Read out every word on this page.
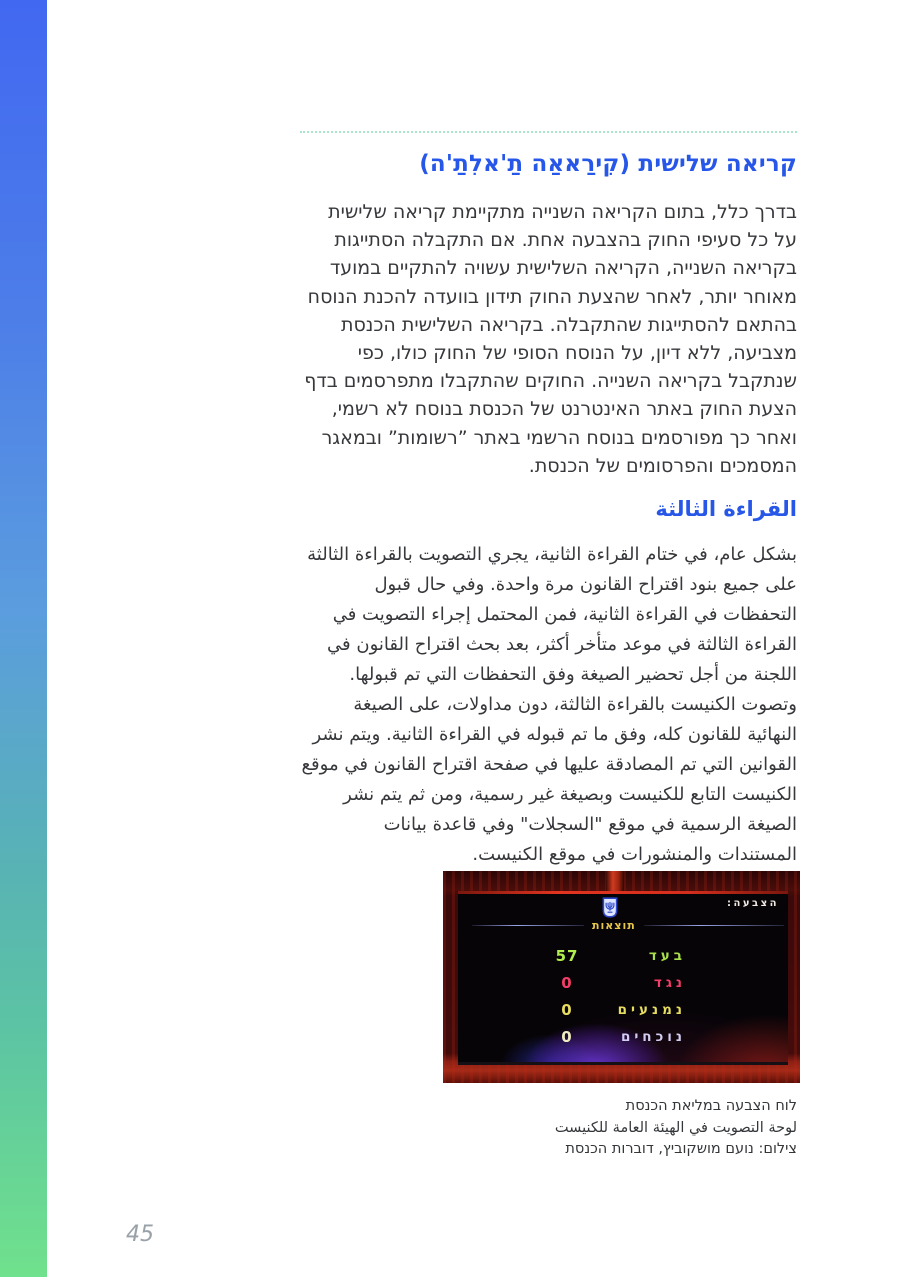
קריאה שלישית (קִירַאאַה תַ'אלִתַ'ה)

בדרך כלל, בתום הקריאה השנייה מתקיימת קריאה שלישית על כל סעיפי החוק בהצבעה אחת. אם התקבלה הסתייגות בקריאה השנייה, הקריאה השלישית עשויה להתקיים במועד מאוחר יותר, לאחר שהצעת החוק תידון בוועדה להכנת הנוסח בהתאם להסתייגות שהתקבלה. בקריאה השלישית הכנסת מצביעה, ללא דיון, על הנוסח הסופי של החוק כולו, כפי שנתקבל בקריאה השנייה. החוקים שהתקבלו מתפרסמים בדף הצעת החוק באתר האינטרנט של הכנסת בנוסח לא רשמי, ואחר כך מפורסמים בנוסח הרשמי באתר ”רשומות” ובמאגר המסמכים והפרסומים של הכנסת.

القراءة الثالثة

بشكل عام، في ختام القراءة الثانية، يجري التصويت بالقراءة الثالثة على جميع بنود اقتراح القانون مرة واحدة. وفي حال قبول التحفظات في القراءة الثانية، فمن المحتمل إجراء التصويت في القراءة الثالثة في موعد متأخر أكثر، بعد بحث اقتراح القانون في اللجنة من أجل تحضير الصيغة وفق التحفظات التي تم قبولها. وتصوت الكنيست بالقراءة الثالثة، دون مداولات، على الصيغة النهائية للقانون كله، وفق ما تم قبوله في القراءة الثانية. ويتم نشر القوانين التي تم المصادقة عليها في صفحة اقتراح القانون في موقع الكنيست التابع للكنيست وبصيغة غير رسمية، ومن ثم يتم نشر الصيغة الرسمية في موقع "السجلات" وفي قاعدة بيانات المستندات والمنشورات في موقع الكنيست.

הצבעה:
תוצאות
57	בעד
0	נגד
0	נמנעים
0	נוכחים
לוח הצבעה במליאת הכנסת
لوحة التصويت في الهيئة العامة للكنيست
צילום: נועם מושקוביץ, דוברות הכנסת
45
